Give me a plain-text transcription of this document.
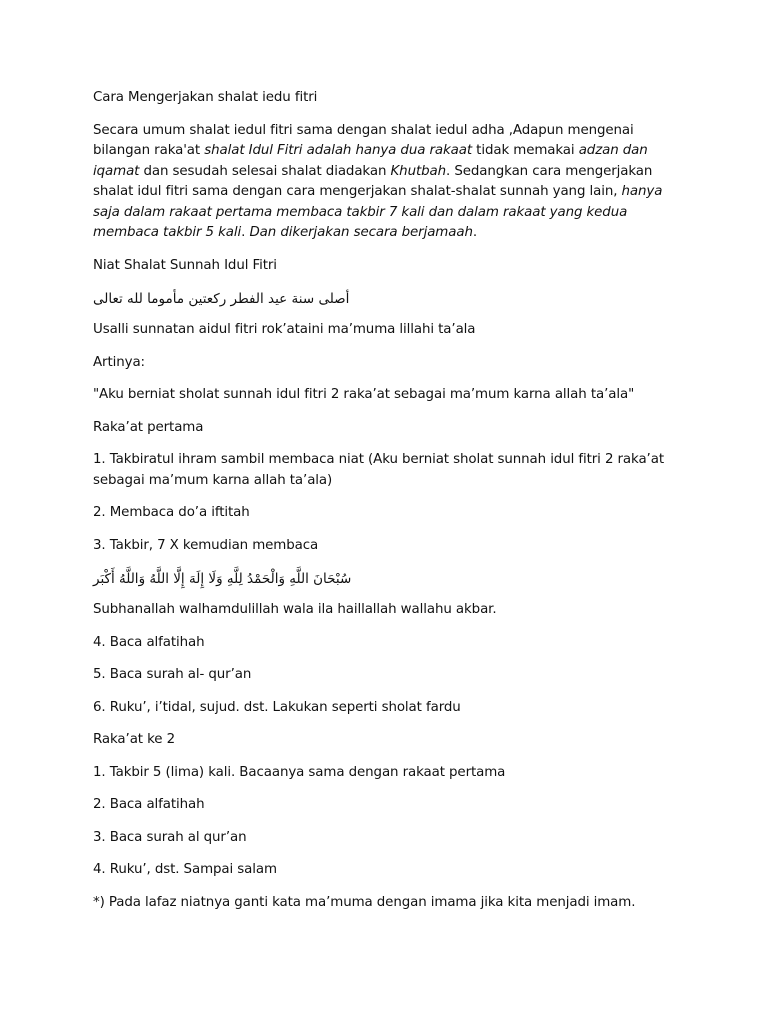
Cara Mengerjakan shalat iedu fitri

Secara umum shalat iedul fitri sama dengan shalat iedul adha ,Adapun mengenai bilangan raka'at shalat Idul Fitri adalah hanya dua rakaat tidak memakai adzan dan iqamat dan sesudah selesai shalat diadakan Khutbah. Sedangkan cara mengerjakan shalat idul fitri sama dengan cara mengerjakan shalat-shalat sunnah yang lain, hanya saja dalam rakaat pertama membaca takbir 7 kali dan dalam rakaat yang kedua membaca takbir 5 kali. Dan dikerjakan secara berjamaah.

Niat Shalat Sunnah Idul Fitri

أصلى سنة عيد الفطر ركعتين مأموما لله تعالى

Usalli sunnatan aidul fitri rok’ataini ma’muma lillahi ta’ala

Artinya:

"Aku berniat sholat sunnah idul fitri 2 raka’at sebagai ma’mum karna allah ta’ala"

Raka’at pertama

1. Takbiratul ihram sambil membaca niat (Aku berniat sholat sunnah idul fitri 2 raka’at sebagai ma’mum karna allah ta’ala)

2. Membaca do’a iftitah

3. Takbir, 7 X kemudian membaca

سُبْحَانَ اللَّهِ وَالْحَمْدُ لِلَّهِ وَلَا إِلَهَ إِلَّا اللَّهُ وَاللَّهُ أَكْبَر

Subhanallah walhamdulillah wala ila haillallah wallahu akbar.

4. Baca alfatihah

5. Baca surah al- qur’an

6. Ruku’, i’tidal, sujud. dst. Lakukan seperti sholat fardu

Raka’at ke 2

1. Takbir 5 (lima) kali. Bacaanya sama dengan rakaat pertama

2. Baca alfatihah

3. Baca surah al qur’an

4. Ruku’, dst. Sampai salam

*) Pada lafaz niatnya ganti kata ma’muma dengan imama jika kita menjadi imam.
